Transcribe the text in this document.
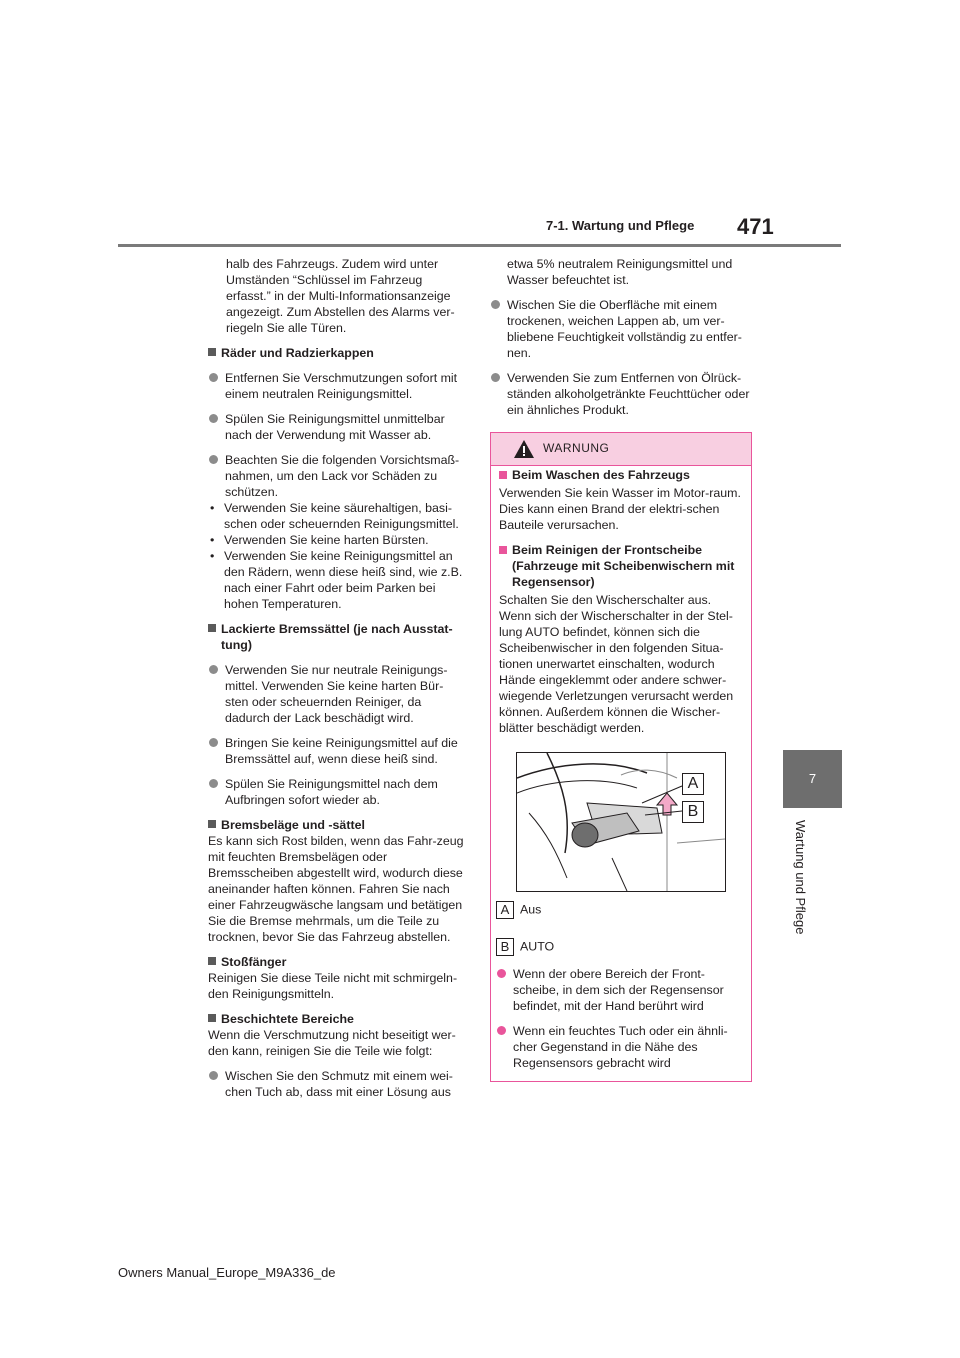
7-1. Wartung und Pflege 471
7
Wartung und Pflege

halb des Fahrzeugs. Zudem wird unter Umständen “Schlüssel im Fahrzeug erfasst.” in der Multi-Informationsanzeige angezeigt. Zum Abstellen des Alarms ver-riegeln Sie alle Türen.

Räder und Radzierkappen

Entfernen Sie Verschmutzungen sofort mit einem neutralen Reinigungsmittel.

Spülen Sie Reinigungsmittel unmittelbar nach der Verwendung mit Wasser ab.

Beachten Sie die folgenden Vorsichtsmaß-nahmen, um den Lack vor Schäden zu schützen.

• Verwenden Sie keine säurehaltigen, basi-schen oder scheuernden Reinigungsmittel.

• Verwenden Sie keine harten Bürsten.

• Verwenden Sie keine Reinigungsmittel an den Rädern, wenn diese heiß sind, wie z.B. nach einer Fahrt oder beim Parken bei hohen Temperaturen.

Lackierte Bremssättel (je nach Ausstat-tung)

Verwenden Sie nur neutrale Reinigungs-mittel. Verwenden Sie keine harten Bür-sten oder scheuernden Reiniger, da dadurch der Lack beschädigt wird.

Bringen Sie keine Reinigungsmittel auf die Bremssättel auf, wenn diese heiß sind.

Spülen Sie Reinigungsmittel nach dem Aufbringen sofort wieder ab.

Bremsbeläge und -sättel

Es kann sich Rost bilden, wenn das Fahr-zeug mit feuchten Bremsbelägen oder Bremsscheiben abgestellt wird, wodurch diese aneinander haften können. Fahren Sie nach einer Fahrzeugwäsche langsam und betätigen Sie die Bremse mehrmals, um die Teile zu trocknen, bevor Sie das Fahrzeug abstellen.

Stoßfänger

Reinigen Sie diese Teile nicht mit schmirgeln-den Reinigungsmitteln.

Beschichtete Bereiche

Wenn die Verschmutzung nicht beseitigt wer-den kann, reinigen Sie die Teile wie folgt:

Wischen Sie den Schmutz mit einem wei-chen Tuch ab, dass mit einer Lösung aus

etwa 5% neutralem Reinigungsmittel und Wasser befeuchtet ist.

Wischen Sie die Oberfläche mit einem trockenen, weichen Lappen ab, um ver-bliebene Feuchtigkeit vollständig zu entfer-nen.

Verwenden Sie zum Entfernen von Ölrück-ständen alkoholgetränkte Feuchttücher oder ein ähnliches Produkt.

WARNUNG

Beim Waschen des Fahrzeugs

Verwenden Sie kein Wasser im Motor-raum. Dies kann einen Brand der elektri-schen Bauteile verursachen.

Beim Reinigen der Frontscheibe (Fahrzeuge mit Scheibenwischern mit Regensensor)

Schalten Sie den Wischerschalter aus. Wenn sich der Wischerschalter in der Stel-lung AUTO befindet, können sich die Scheibenwischer in den folgenden Situa-tionen unerwartet einschalten, wodurch Hände eingeklemmt oder andere schwer-wiegende Verletzungen verursacht werden können. Außerdem können die Wischer-blätter beschädigt werden.

A
B

A Aus

B AUTO

Wenn der obere Bereich der Front-scheibe, in dem sich der Regensensor befindet, mit der Hand berührt wird

Wenn ein feuchtes Tuch oder ein ähnli-cher Gegenstand in die Nähe des Regensensors gebracht wird

Owners Manual_Europe_M9A336_de
